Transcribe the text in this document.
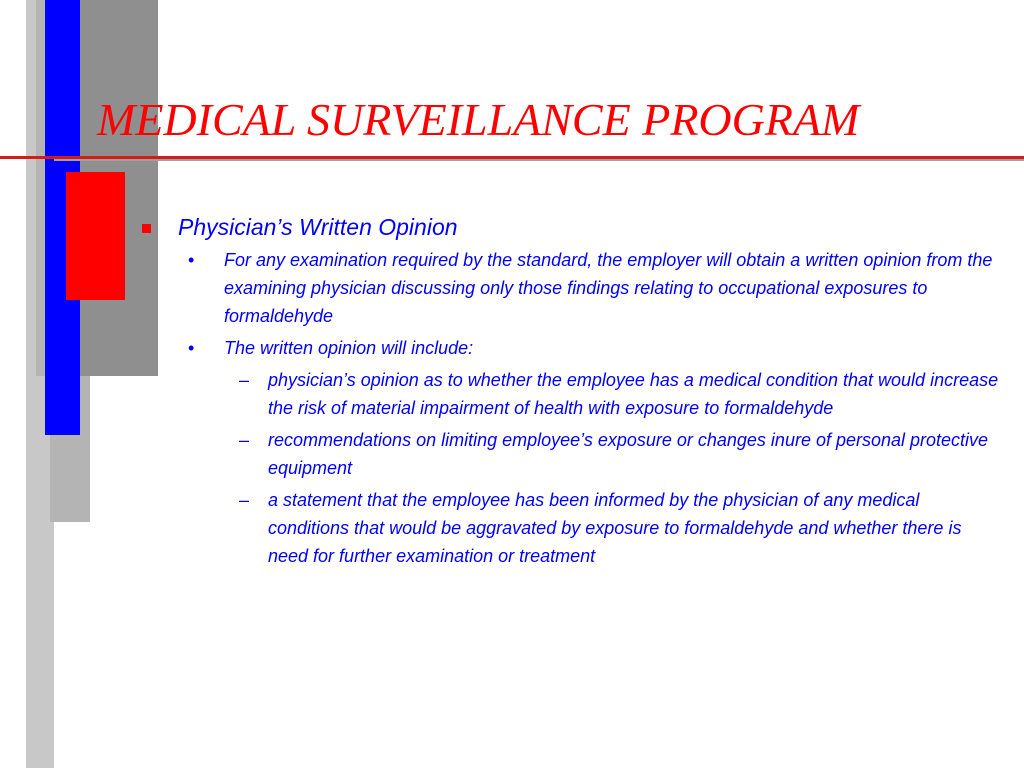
MEDICAL SURVEILLANCE PROGRAM
Physician’s Written Opinion
• For any examination required by the standard, the employer will obtain a written opinion from the examining physician discussing only those findings relating to occupational exposures to formaldehyde
• The written opinion will include:
– physician’s opinion as to whether the employee has a medical condition that would increase the risk of material impairment of health with exposure to formaldehyde
– recommendations on limiting employee’s exposure or changes inure of personal protective equipment
– a statement that the employee has been informed by the physician of any medical conditions that would be aggravated by exposure to formaldehyde and whether there is need for further examination or treatment
